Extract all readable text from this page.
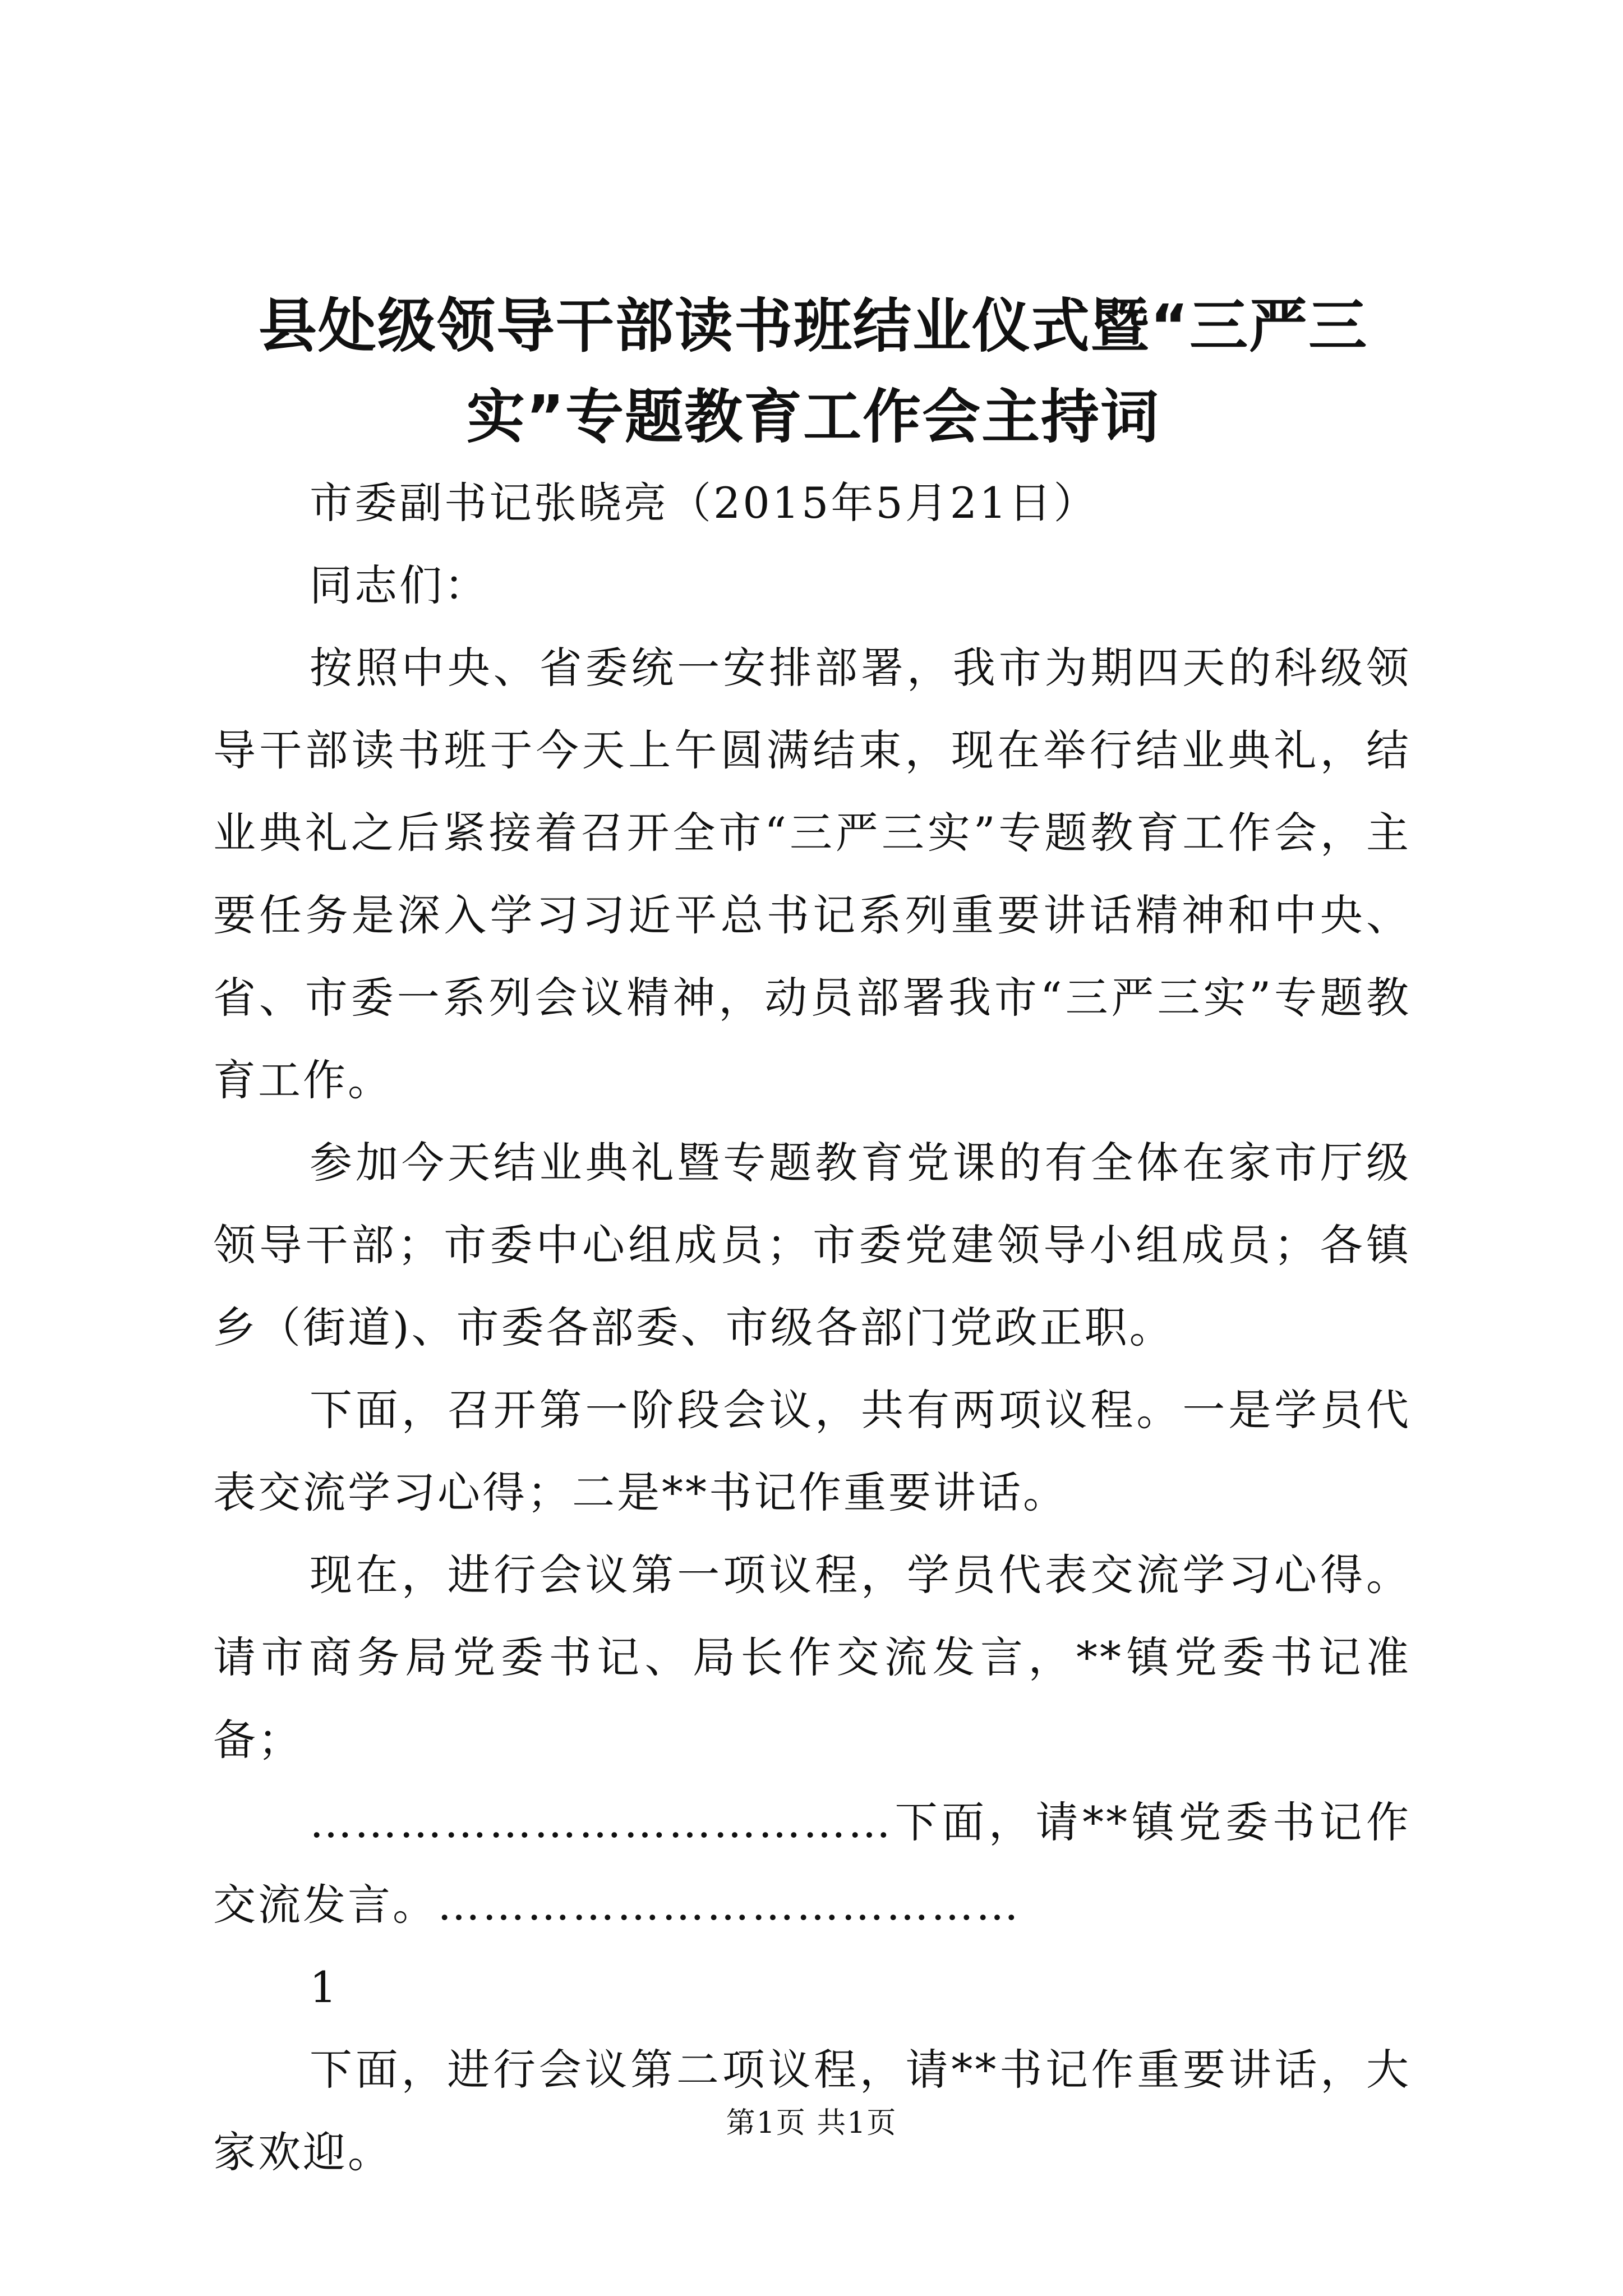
县处级领导干部读书班结业仪式暨“三严三实”专题教育工作会主持词

市委副书记张晓亮（2015年5月21日）

同志们：

按照中央、省委统一安排部署，我市为期四天的科级领导干部读书班于今天上午圆满结束，现在举行结业典礼，结业典礼之后紧接着召开全市“三严三实”专题教育工作会，主要任务是深入学习习近平总书记系列重要讲话精神和中央、省、市委一系列会议精神，动员部署我市“三严三实”专题教育工作。

参加今天结业典礼暨专题教育党课的有全体在家市厅级领导干部；市委中心组成员；市委党建领导小组成员；各镇乡（街道)、市委各部委、市级各部门党政正职。

下面，召开第一阶段会议，共有两项议程。一是学员代表交流学习心得；二是**书记作重要讲话。

现在，进行会议第一项议程，学员代表交流学习心得。请市商务局党委书记、局长作交流发言，**镇党委书记准备；

…………………………………下面，请**镇党委书记作交流发言。…………………………………

1

下面，进行会议第二项议程，请**书记作重要讲话，大家欢迎。

第1页 共1页
